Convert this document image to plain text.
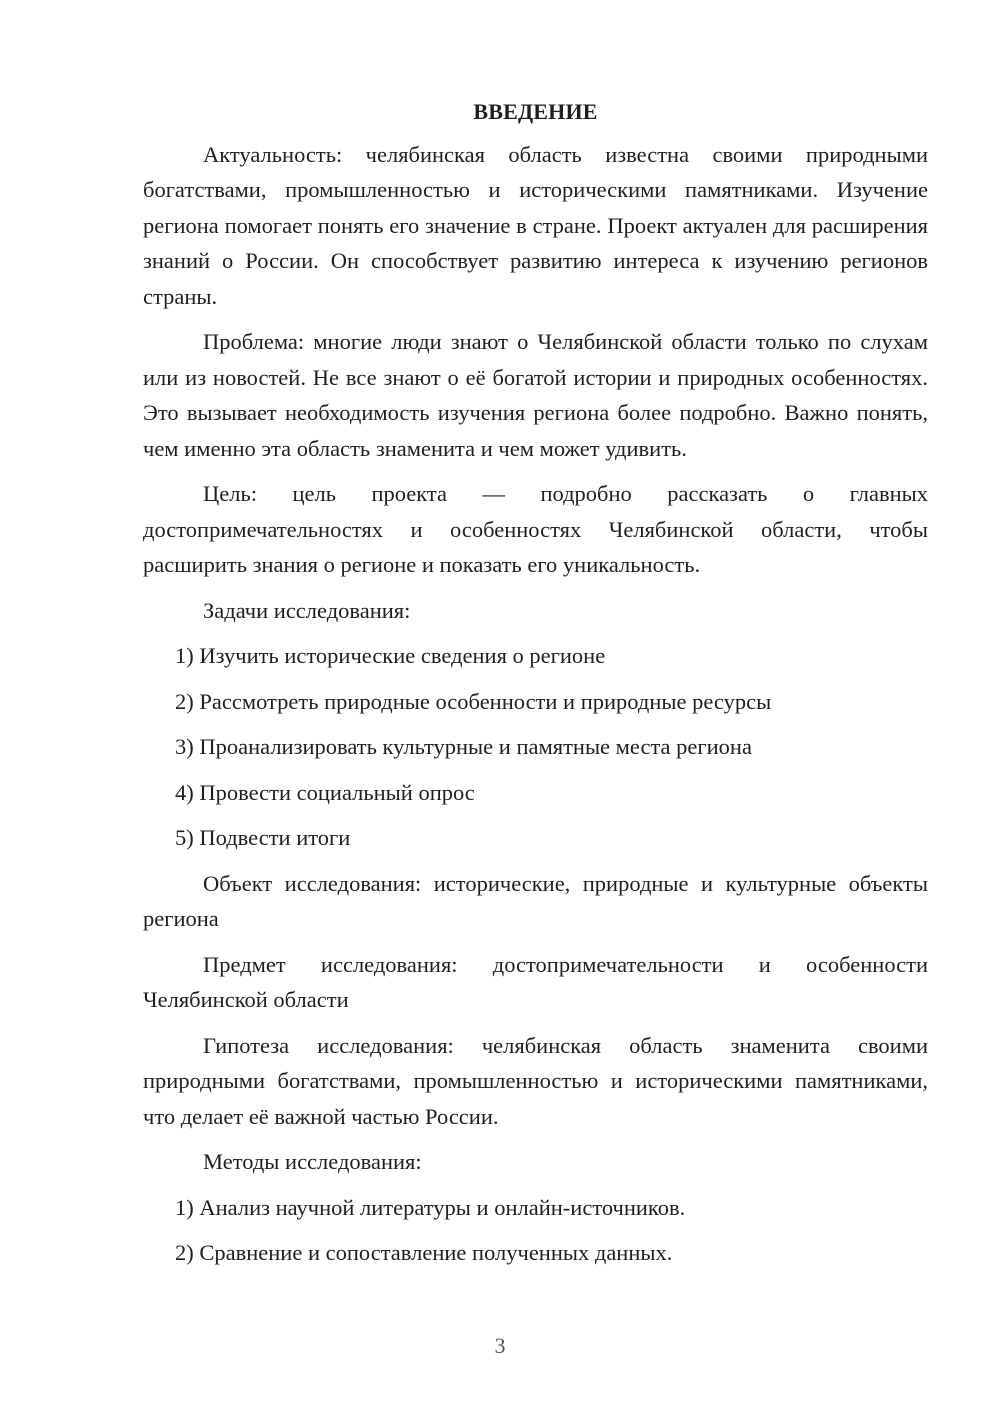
ВВЕДЕНИЕ

Актуальность: челябинская область известна своими природными богатствами, промышленностью и историческими памятниками. Изучение региона помогает понять его значение в стране. Проект актуален для расширения знаний о России. Он способствует развитию интереса к изучению регионов страны.

Проблема: многие люди знают о Челябинской области только по слухам или из новостей. Не все знают о её богатой истории и природных особенностях. Это вызывает необходимость изучения региона более подробно. Важно понять, чем именно эта область знаменита и чем может удивить.

Цель: цель проекта — подробно рассказать о главных достопримечательностях и особенностях Челябинской области, чтобы расширить знания о регионе и показать его уникальность.

Задачи исследования:

1) Изучить исторические сведения о регионе
2) Рассмотреть природные особенности и природные ресурсы
3) Проанализировать культурные и памятные места региона
4) Провести социальный опрос
5) Подвести итоги

Объект исследования: исторические, природные и культурные объекты региона

Предмет исследования: достопримечательности и особенности Челябинской области

Гипотеза исследования: челябинская область знаменита своими природными богатствами, промышленностью и историческими памятниками, что делает её важной частью России.

Методы исследования:

1) Анализ научной литературы и онлайн-источников.
2) Сравнение и сопоставление полученных данных.
3
